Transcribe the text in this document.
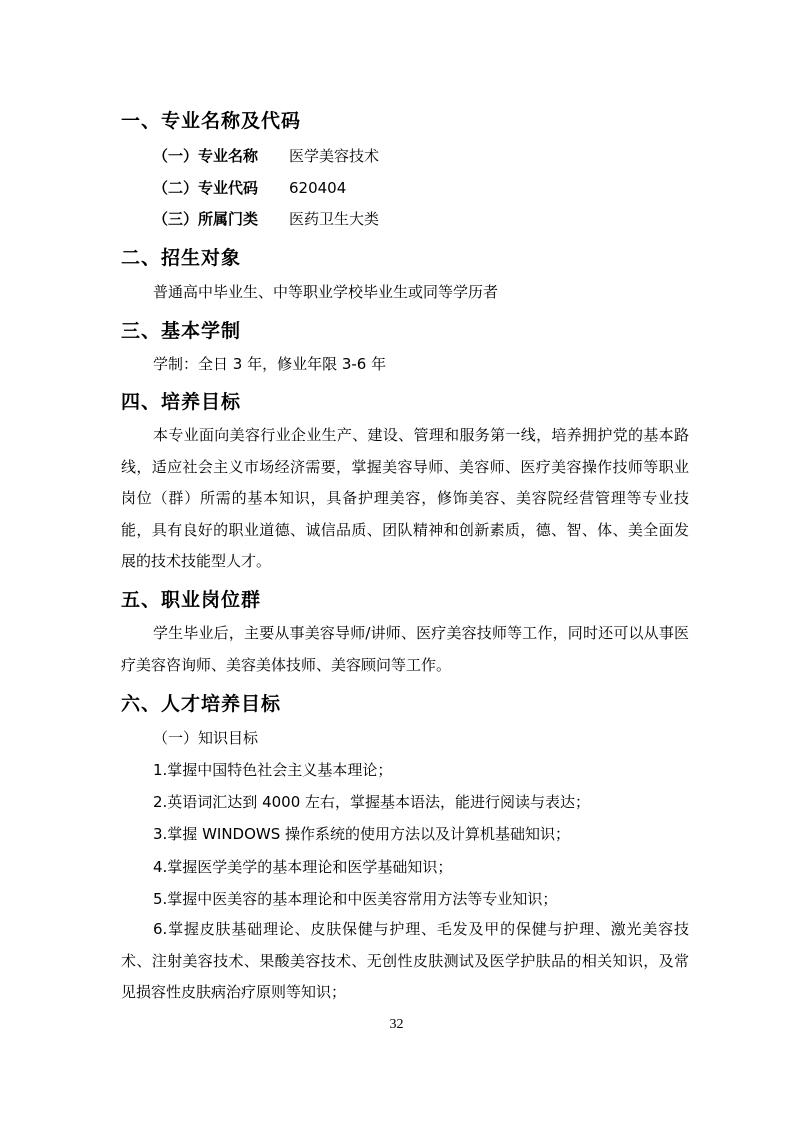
一、专业名称及代码
（一）专业名称 医学美容技术
（二）专业代码 620404
（三）所属门类 医药卫生大类
二、招生对象
普通高中毕业生、中等职业学校毕业生或同等学历者
三、基本学制
学制：全日 3 年，修业年限 3-6 年
四、培养目标
本专业面向美容行业企业生产、建设、管理和服务第一线，培养拥护党的基本路线，适应社会主义市场经济需要，掌握美容导师、美容师、医疗美容操作技师等职业岗位（群）所需的基本知识，具备护理美容，修饰美容、美容院经营管理等专业技能，具有良好的职业道德、诚信品质、团队精神和创新素质，德、智、体、美全面发展的技术技能型人才。
五、职业岗位群
学生毕业后，主要从事美容导师/讲师、医疗美容技师等工作，同时还可以从事医疗美容咨询师、美容美体技师、美容顾问等工作。
六、人才培养目标
（一）知识目标
1.掌握中国特色社会主义基本理论；
2.英语词汇达到 4000 左右，掌握基本语法，能进行阅读与表达；
3.掌握 WINDOWS 操作系统的使用方法以及计算机基础知识；
4.掌握医学美学的基本理论和医学基础知识；
5.掌握中医美容的基本理论和中医美容常用方法等专业知识；
6.掌握皮肤基础理论、皮肤保健与护理、毛发及甲的保健与护理、激光美容技术、注射美容技术、果酸美容技术、无创性皮肤测试及医学护肤品的相关知识，及常见损容性皮肤病治疗原则等知识；
32
